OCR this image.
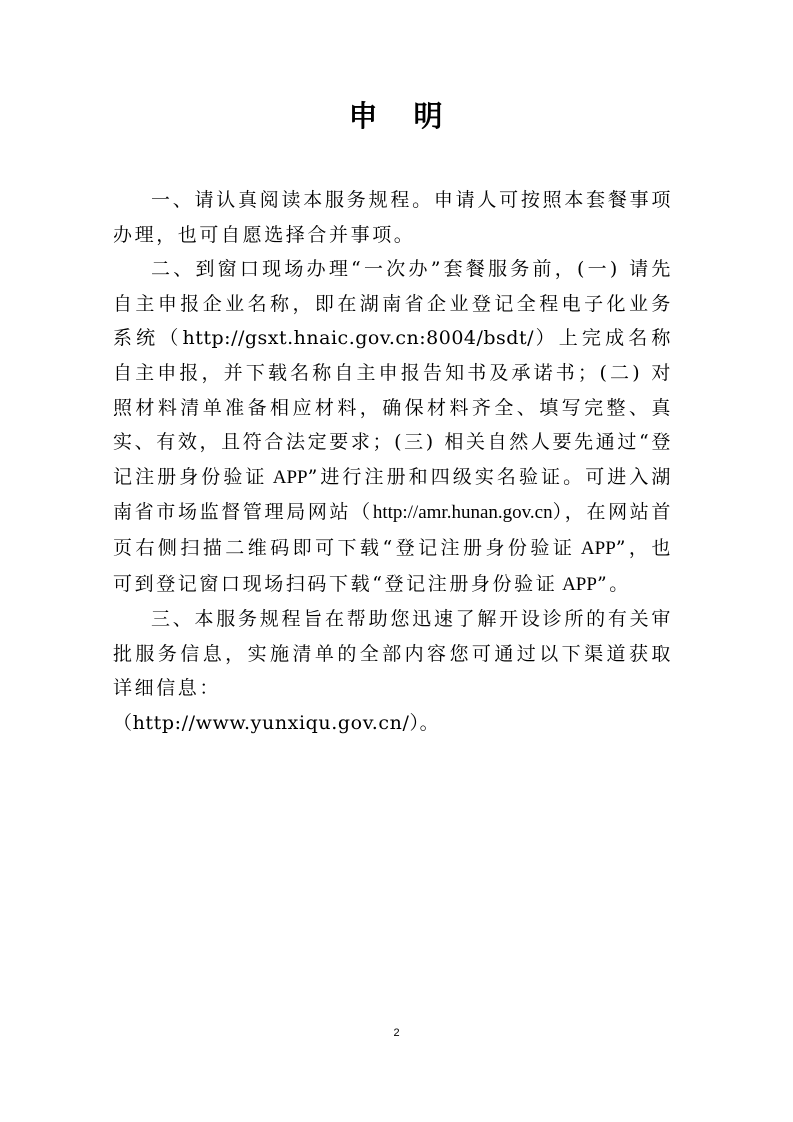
申 明

一、请认真阅读本服务规程。申请人可按照本套餐事项办理，也可自愿选择合并事项。

二、到窗口现场办理“一次办”套餐服务前，(一) 请先自主申报企业名称，即在湖南省企业登记全程电子化业务系统（http://gsxt.hnaic.gov.cn:8004/bsdt/）上完成名称自主申报，并下载名称自主申报告知书及承诺书；(二) 对照材料清单准备相应材料，确保材料齐全、填写完整、真实、有效，且符合法定要求；(三) 相关自然人要先通过“登记注册身份验证 APP”进行注册和四级实名验证。可进入湖南省市场监督管理局网站（http://amr.hunan.gov.cn），在网站首页右侧扫描二维码即可下载“登记注册身份验证 APP”，也可到登记窗口现场扫码下载“登记注册身份验证 APP”。

三、本服务规程旨在帮助您迅速了解开设诊所的有关审批服务信息，实施清单的全部内容您可通过以下渠道获取详细信息：

（http://www.yunxiqu.gov.cn/）。

2
